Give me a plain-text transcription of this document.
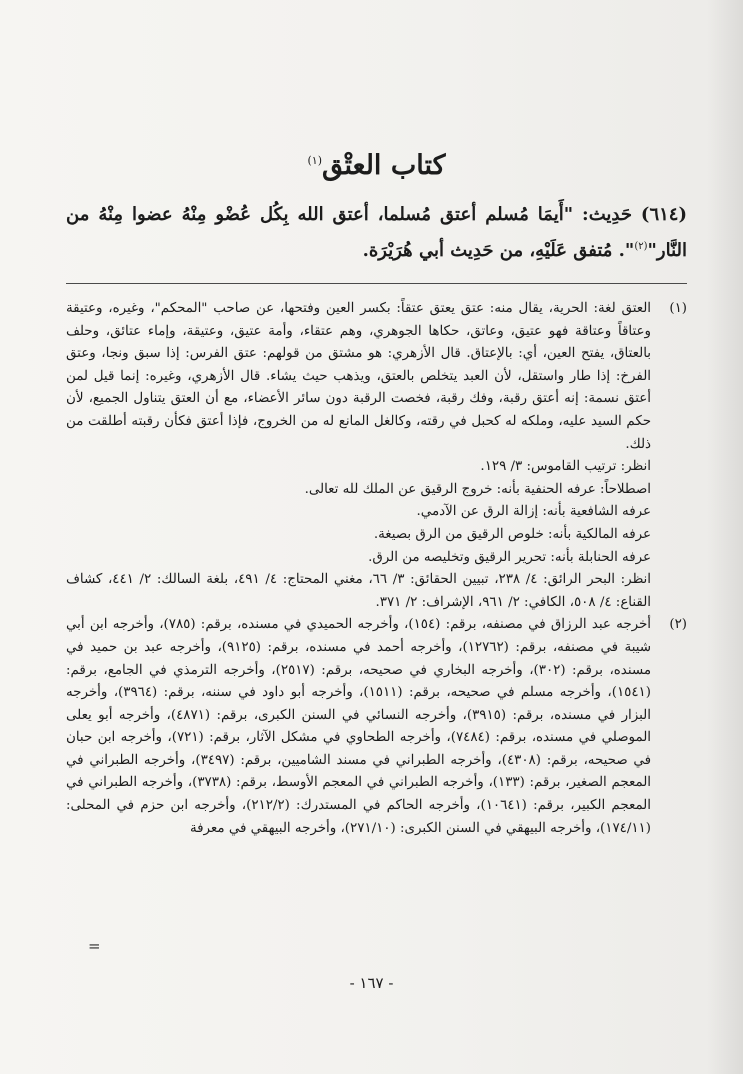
كتاب العتْق$^{(١)}$

(٦١٤) حَدِيث: "أَيمَا مُسلم أعتق مُسلما، أعتق الله بِكُل عُضْو مِنْهُ عضوا مِنْهُ من النَّار"$^{(٢)}$". مُتفق عَلَيْهِ، من حَدِيث أبي هُرَيْرَة.

(١)

العتق لغة: الحرية، يقال منه: عتق يعتق عتقاً: بكسر العين وفتحها، عن صاحب "المحكم"، وغيره، وعتيقة وعتاقاً وعتاقة فهو عتيق، وعاتق، حكاها الجوهري، وهم عتقاء، وأمة عتيق، وعتيقة، وإماء عتائق، وحلف بالعتاق، يفتح العين، أي: بالإعتاق. قال الأزهري: هو مشتق من قولهم: عتق الفرس: إذا سبق ونجا، وعتق الفرخ: إذا طار واستقل، لأن العبد يتخلص بالعتق، ويذهب حيث يشاء. قال الأزهري، وغيره: إنما قيل لمن أعتق نسمة: إنه أعتق رقبة، وفك رقبة، فخصت الرقبة دون سائر الأعضاء، مع أن العتق يتناول الجميع، لأن حكم السيد عليه، وملكه له كحبل في رقته، وكالغل المانع له من الخروج، فإذا أعتق فكأن رقبته أطلقت من ذلك.

انظر: ترتيب القاموس: ٣/ ١٢٩.

اصطلاحاً: عرفه الحنفية بأنه: خروج الرقيق عن الملك لله تعالى.

عرفه الشافعية بأنه: إزالة الرق عن الآدمي.

عرفه المالكية بأنه: خلوص الرقيق من الرق بصيغة.

عرفه الحنابلة بأنه: تحرير الرقيق وتخليصه من الرق.

انظر: البحر الرائق: ٤/ ٢٣٨، تبيين الحقائق: ٣/ ٦٦، مغني المحتاج: ٤/ ٤٩١، بلغة السالك: ٢/ ٤٤١، كشاف القناع: ٤/ ٥٠٨، الكافي: ٢/ ٩٦١، الإشراف: ٢/ ٣٧١.

(٢)

أخرجه عبد الرزاق في مصنفه، برقم: (١٥٤)، وأخرجه الحميدي في مسنده، برقم: (٧٨٥)، وأخرجه ابن أبي شيبة في مصنفه، برقم: (١٢٧٦٢)، وأخرجه أحمد في مسنده، برقم: (٩١٢٥)، وأخرجه عبد بن حميد في مسنده، برقم: (٣٠٢)، وأخرجه البخاري في صحيحه، برقم: (٢٥١٧)، وأخرجه الترمذي في الجامع، برقم: (١٥٤١)، وأخرجه مسلم في صحيحه، برقم: (١٥١١)، وأخرجه أبو داود في سننه، برقم: (٣٩٦٤)، وأخرجه البزار في مسنده، برقم: (٣٩١٥)، وأخرجه النسائي في السنن الكبرى، برقم: (٤٨٧١)، وأخرجه أبو يعلى الموصلي في مسنده، برقم: (٧٤٨٤)، وأخرجه الطحاوي في مشكل الآثار، برقم: (٧٢١)، وأخرجه ابن حبان في صحيحه، برقم: (٤٣٠٨)، وأخرجه الطبراني في مسند الشاميين، برقم: (٣٤٩٧)، وأخرجه الطبراني في المعجم الصغير، برقم: (١٣٣)، وأخرجه الطبراني في المعجم الأوسط، برقم: (٣٧٣٨)، وأخرجه الطبراني في المعجم الكبير، برقم: (١٠٦٤١)، وأخرجه الحاكم في المستدرك: (٢١٢/٢)، وأخرجه ابن حزم في المحلى: (١٧٤/١١)، وأخرجه البيهقي في السنن الكبرى: (٢٧١/١٠)، وأخرجه البيهقي في معرفة

=
- ١٦٧ -
